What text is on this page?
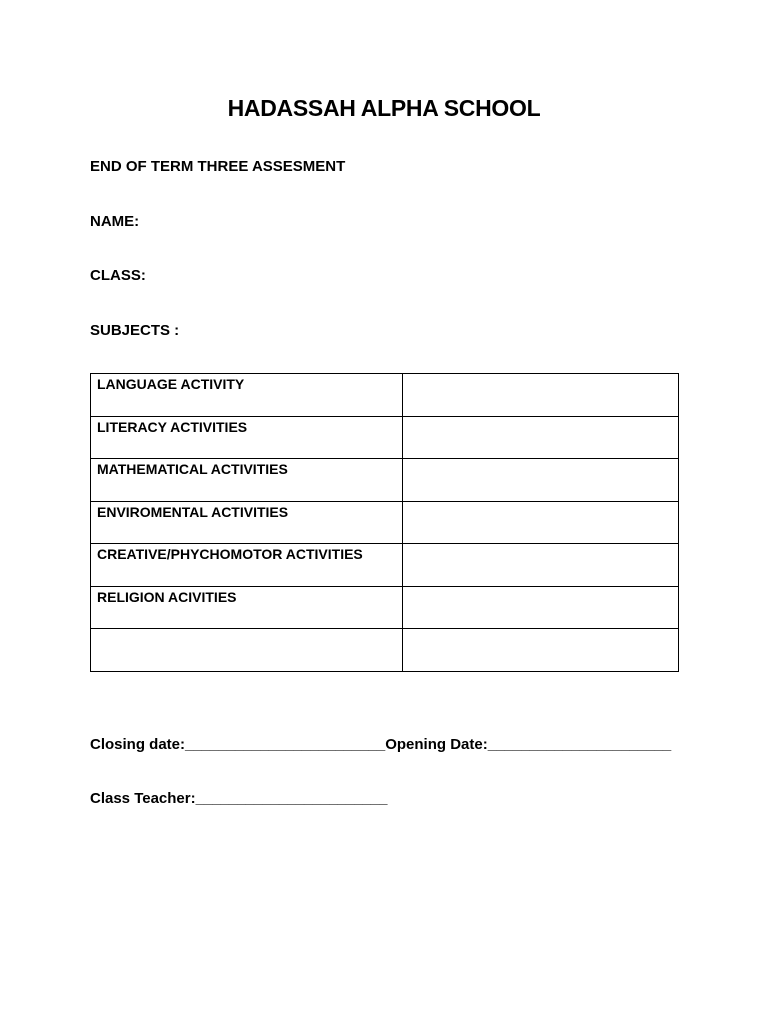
HADASSAH ALPHA SCHOOL
END OF TERM THREE ASSESMENT
NAME:
CLASS:
SUBJECTS :
LANGUAGE ACTIVITY	
LITERACY ACTIVITIES	
MATHEMATICAL ACTIVITIES	
ENVIROMENTAL ACTIVITIES	
CREATIVE/PHYCHOMOTOR ACTIVITIES	
RELIGION ACIVITIES	

Closing date:________________________Opening Date:______________________
Class Teacher:_______________________
